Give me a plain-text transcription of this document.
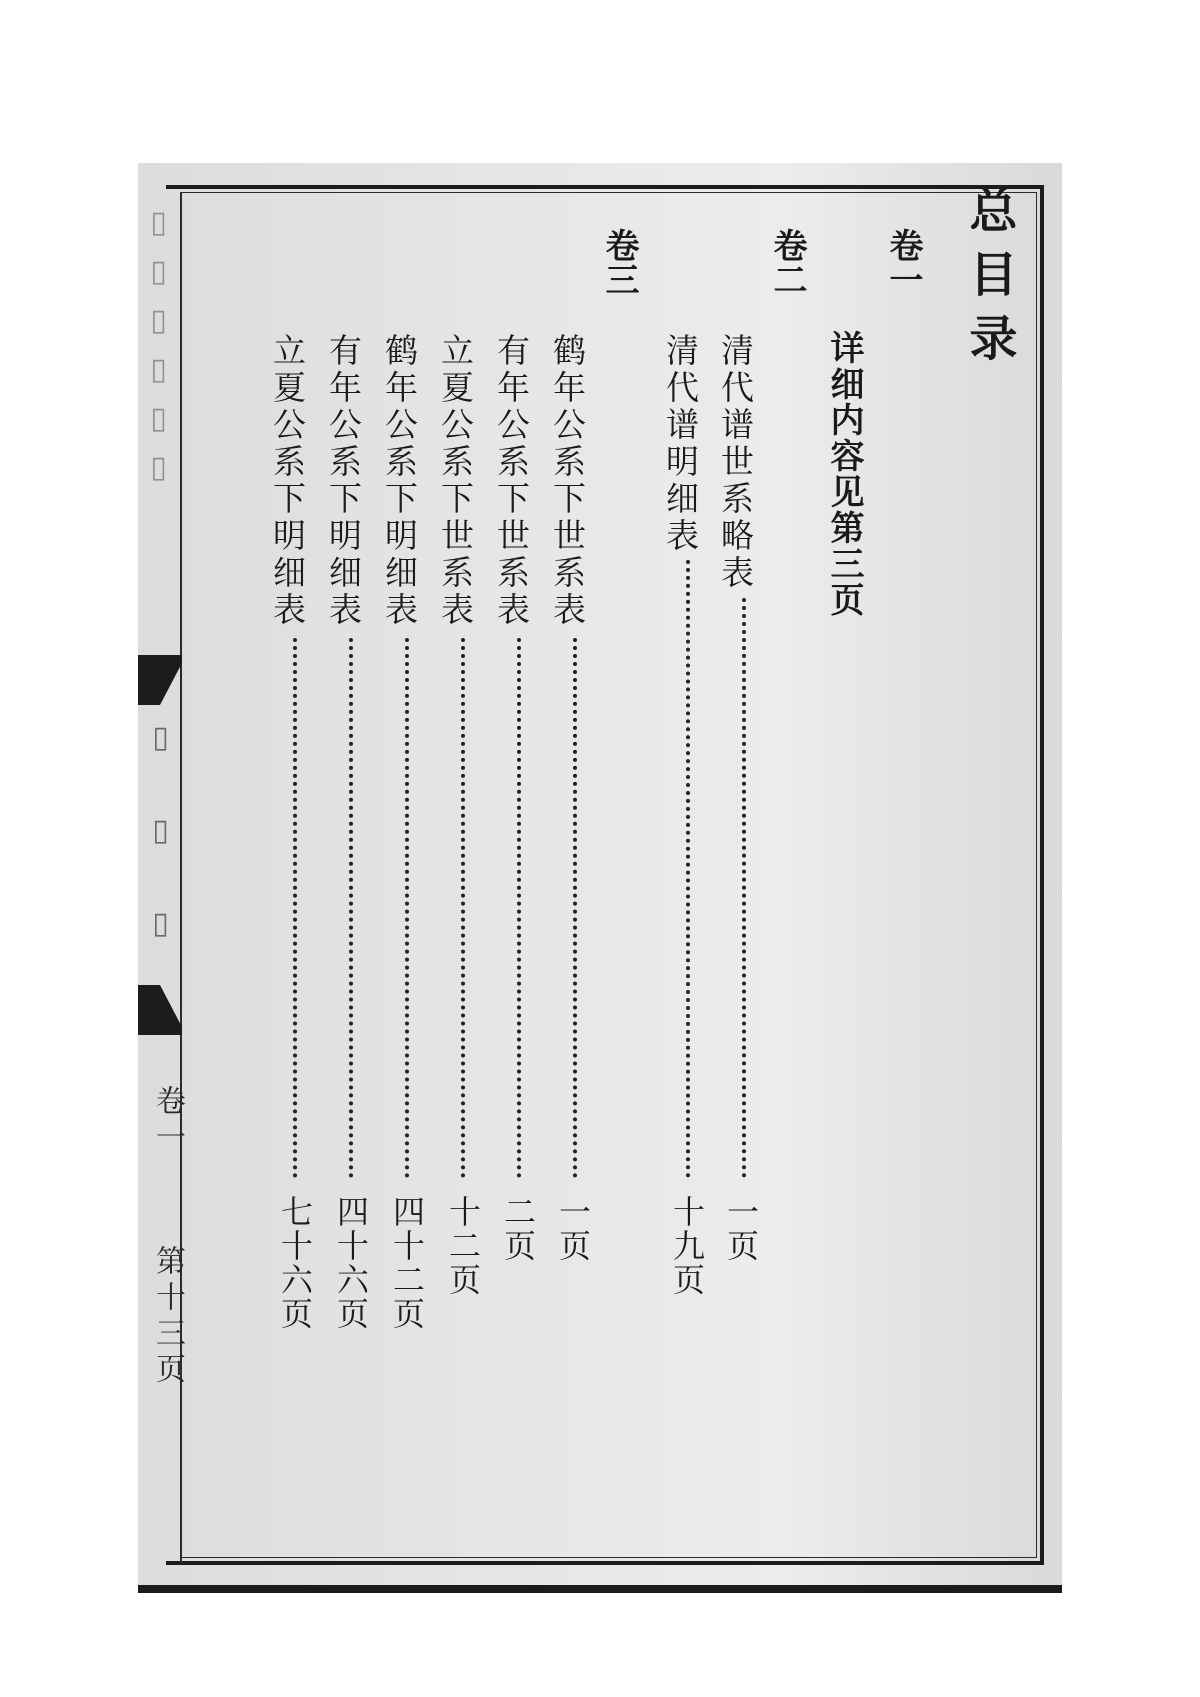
▯▯▯▯▯▯
▯▯▯
卷一
第十三页
总目录
卷一
卷二
卷三
详细内容见第三页
清代谱世系略表
一页
清代谱明细表
十九页
鹤年公系下世系表
一页
有年公系下世系表
二页
立夏公系下世系表
十二页
鹤年公系下明细表
四十二页
有年公系下明细表
四十六页
立夏公系下明细表
七十六页
